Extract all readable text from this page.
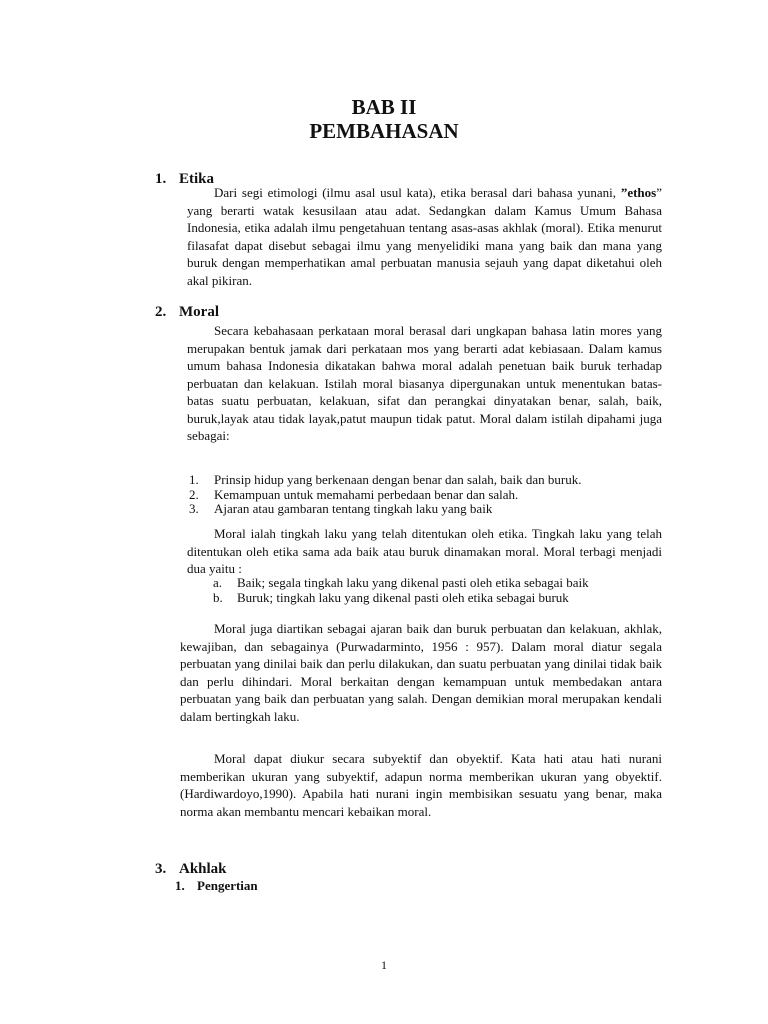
BAB II
PEMBAHASAN
1. Etika

Dari segi etimologi (ilmu asal usul kata), etika berasal dari bahasa yunani, ”ethos” yang berarti watak kesusilaan atau adat. Sedangkan dalam Kamus Umum Bahasa Indonesia, etika adalah ilmu pengetahuan tentang asas-asas akhlak (moral). Etika menurut filasafat dapat disebut sebagai ilmu yang menyelidiki mana yang baik dan mana yang buruk dengan memperhatikan amal perbuatan manusia sejauh yang dapat diketahui oleh akal pikiran.

2. Moral

Secara kebahasaan perkataan moral berasal dari ungkapan bahasa latin mores yang merupakan bentuk jamak dari perkataan mos yang berarti adat kebiasaan. Dalam kamus umum bahasa Indonesia dikatakan bahwa moral adalah penetuan baik buruk terhadap perbuatan dan kelakuan. Istilah moral biasanya dipergunakan untuk menentukan batas-batas suatu perbuatan, kelakuan, sifat dan perangkai dinyatakan benar, salah, baik, buruk,layak atau tidak layak,patut maupun tidak patut. Moral dalam istilah dipahami juga sebagai:

1. Prinsip hidup yang berkenaan dengan benar dan salah, baik dan buruk.
2. Kemampuan untuk memahami perbedaan benar dan salah.
3. Ajaran atau gambaran tentang tingkah laku yang baik

Moral ialah tingkah laku yang telah ditentukan oleh etika. Tingkah laku yang telah ditentukan oleh etika sama ada baik atau buruk dinamakan moral. Moral terbagi menjadi dua yaitu :

a. Baik; segala tingkah laku yang dikenal pasti oleh etika sebagai baik
b. Buruk; tingkah laku yang dikenal pasti oleh etika sebagai buruk

Moral juga diartikan sebagai ajaran baik dan buruk perbuatan dan kelakuan, akhlak, kewajiban, dan sebagainya (Purwadarminto, 1956 : 957). Dalam moral diatur segala perbuatan yang dinilai baik dan perlu dilakukan, dan suatu perbuatan yang dinilai tidak baik dan perlu dihindari. Moral berkaitan dengan kemampuan untuk membedakan antara perbuatan yang baik dan perbuatan yang salah. Dengan demikian moral merupakan kendali dalam bertingkah laku.

Moral dapat diukur secara subyektif dan obyektif. Kata hati atau hati nurani memberikan ukuran yang subyektif, adapun norma memberikan ukuran yang obyektif. (Hardiwardoyo,1990). Apabila hati nurani ingin membisikan sesuatu yang benar, maka norma akan membantu mencari kebaikan moral.

3. Akhlak
1. Pengertian
1
